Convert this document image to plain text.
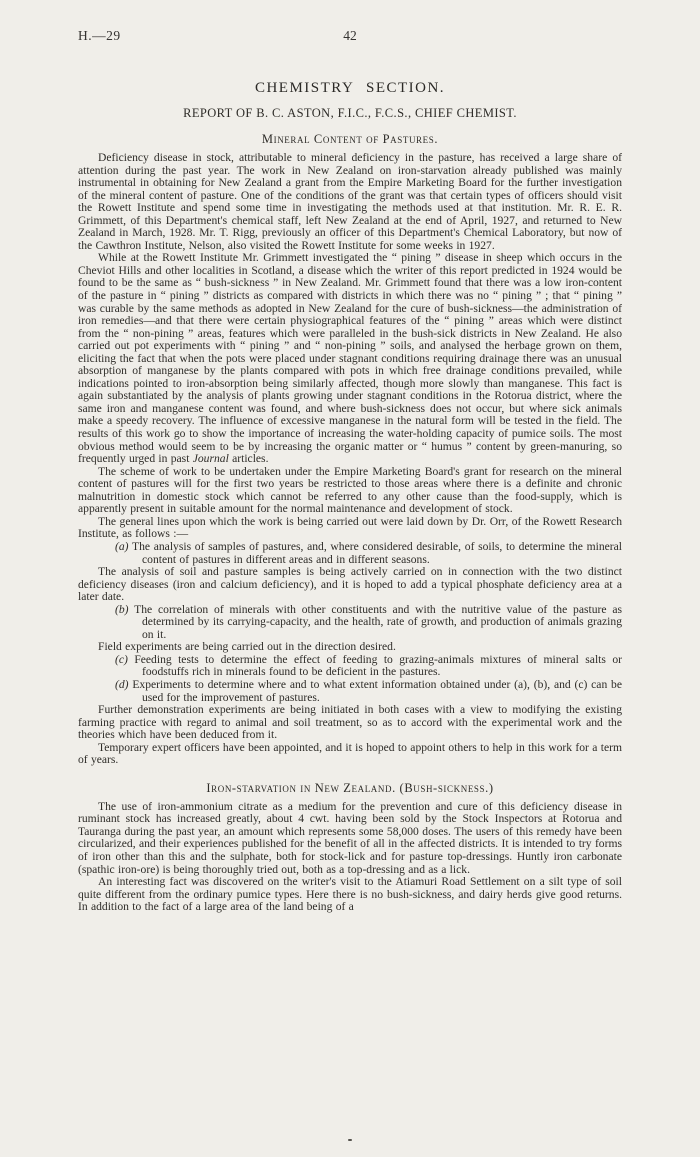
H.—29	42
CHEMISTRY SECTION.
REPORT OF B. C. ASTON, F.I.C., F.C.S., CHIEF CHEMIST.
Mineral Content of Pastures.

Deficiency disease in stock, attributable to mineral deficiency in the pasture, has received a large share of attention during the past year. The work in New Zealand on iron-starvation already published was mainly instrumental in obtaining for New Zealand a grant from the Empire Marketing Board for the further investigation of the mineral content of pasture. One of the conditions of the grant was that certain types of officers should visit the Rowett Institute and spend some time in investigating the methods used at that institution. Mr. R. E. R. Grimmett, of this Department's chemical staff, left New Zealand at the end of April, 1927, and returned to New Zealand in March, 1928. Mr. T. Rigg, previously an officer of this Department's Chemical Laboratory, but now of the Cawthron Institute, Nelson, also visited the Rowett Institute for some weeks in 1927.

While at the Rowett Institute Mr. Grimmett investigated the “ pining ” disease in sheep which occurs in the Cheviot Hills and other localities in Scotland, a disease which the writer of this report predicted in 1924 would be found to be the same as “ bush-sickness ” in New Zealand. Mr. Grimmett found that there was a low iron-content of the pasture in “ pining ” districts as compared with districts in which there was no “ pining ” ; that “ pining ” was curable by the same methods as adopted in New Zealand for the cure of bush-sickness—the administration of iron remedies—and that there were certain physiographical features of the “ pining ” areas which were distinct from the “ non-pining ” areas, features which were paralleled in the bush-sick districts in New Zealand. He also carried out pot experiments with “ pining ” and “ non-pining ” soils, and analysed the herbage grown on them, eliciting the fact that when the pots were placed under stagnant conditions requiring drainage there was an unusual absorption of manganese by the plants compared with pots in which free drainage conditions prevailed, while indications pointed to iron-absorption being similarly affected, though more slowly than manganese. This fact is again substantiated by the analysis of plants growing under stagnant conditions in the Rotorua district, where the same iron and manganese content was found, and where bush-sickness does not occur, but where sick animals make a speedy recovery. The influence of excessive manganese in the natural form will be tested in the field. The results of this work go to show the importance of increasing the water-holding capacity of pumice soils. The most obvious method would seem to be by increasing the organic matter or “ humus ” content by green-manuring, so frequently urged in past Journal articles.

The scheme of work to be undertaken under the Empire Marketing Board's grant for research on the mineral content of pastures will for the first two years be restricted to those areas where there is a definite and chronic malnutrition in domestic stock which cannot be referred to any other cause than the food-supply, which is apparently present in suitable amount for the normal maintenance and development of stock.

The general lines upon which the work is being carried out were laid down by Dr. Orr, of the Rowett Research Institute, as follows :—

(a) The analysis of samples of pastures, and, where considered desirable, of soils, to determine the mineral content of pastures in different areas and in different seasons.

The analysis of soil and pasture samples is being actively carried on in connection with the two distinct deficiency diseases (iron and calcium deficiency), and it is hoped to add a typical phosphate deficiency area at a later date.

(b) The correlation of minerals with other constituents and with the nutritive value of the pasture as determined by its carrying-capacity, and the health, rate of growth, and production of animals grazing on it.

Field experiments are being carried out in the direction desired.

(c) Feeding tests to determine the effect of feeding to grazing-animals mixtures of mineral salts or foodstuffs rich in minerals found to be deficient in the pastures.

(d) Experiments to determine where and to what extent information obtained under (a), (b), and (c) can be used for the improvement of pastures.

Further demonstration experiments are being initiated in both cases with a view to modifying the existing farming practice with regard to animal and soil treatment, so as to accord with the experimental work and the theories which have been deduced from it.

Temporary expert officers have been appointed, and it is hoped to appoint others to help in this work for a term of years.

Iron-starvation in New Zealand. (Bush-sickness.)

The use of iron-ammonium citrate as a medium for the prevention and cure of this deficiency disease in ruminant stock has increased greatly, about 4 cwt. having been sold by the Stock Inspectors at Rotorua and Tauranga during the past year, an amount which represents some 58,000 doses. The users of this remedy have been circularized, and their experiences published for the benefit of all in the affected districts. It is intended to try forms of iron other than this and the sulphate, both for stock-lick and for pasture top-dressings. Huntly iron carbonate (spathic iron-ore) is being thoroughly tried out, both as a top-dressing and as a lick.

An interesting fact was discovered on the writer's visit to the Atiamuri Road Settlement on a silt type of soil quite different from the ordinary pumice types. Here there is no bush-sickness, and dairy herds give good returns. In addition to the fact of a large area of the land being of a
